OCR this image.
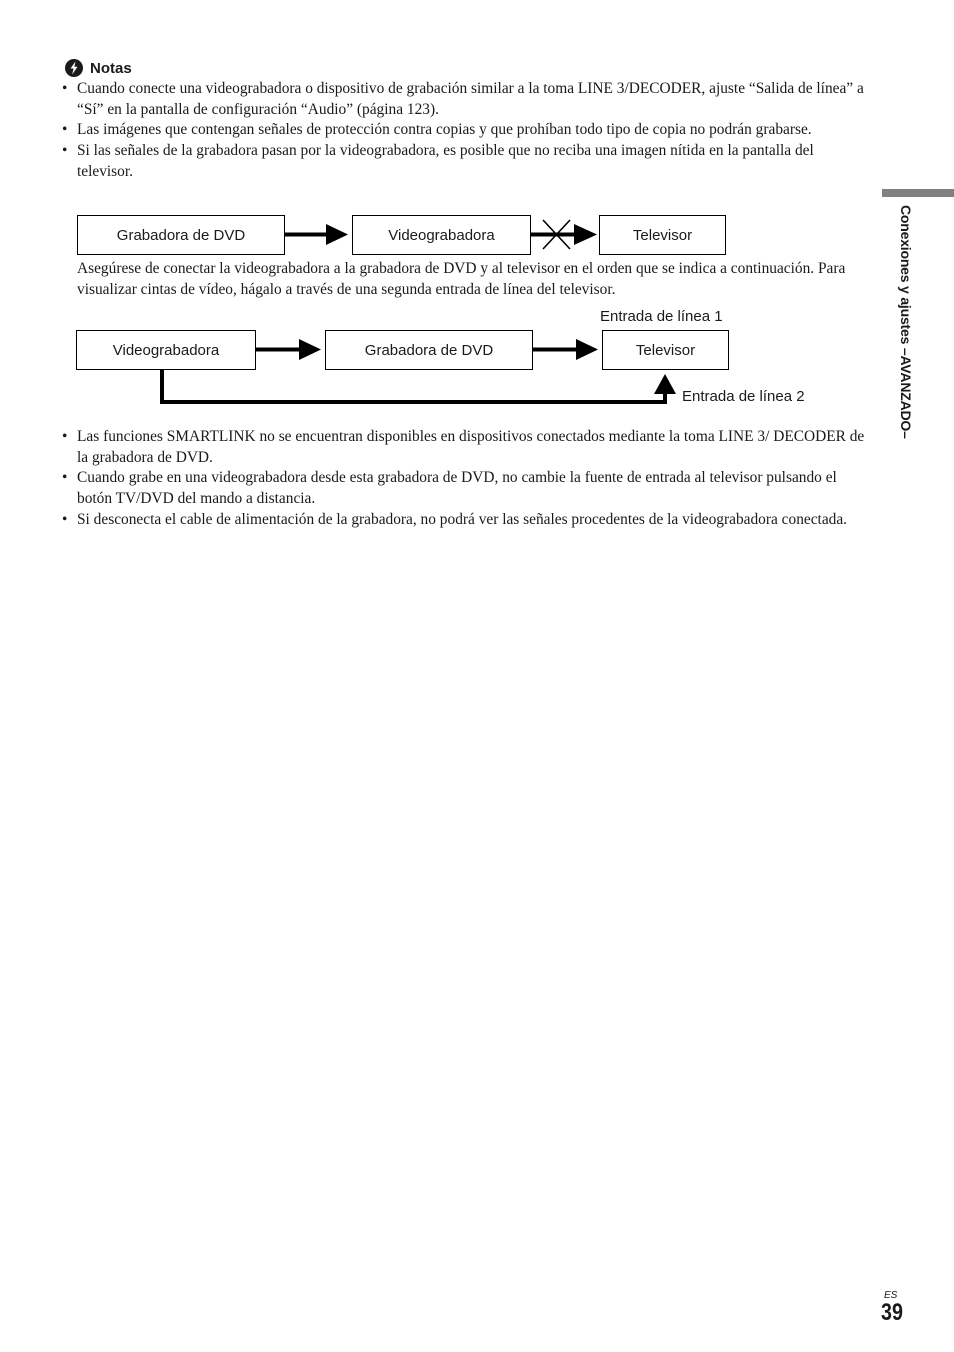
Notas
• Cuando conecte una videograbadora o dispositivo de grabación similar a la toma LINE 3/DECODER, ajuste “Salida de línea” a “Sí” en la pantalla de configuración “Audio” (página 123).
• Las imágenes que contengan señales de protección contra copias y que prohíban todo tipo de copia no podrán grabarse.
• Si las señales de la grabadora pasan por la videograbadora, es posible que no reciba una imagen nítida en la pantalla del televisor.
Grabadora de DVD	Videograbadora	Televisor

Asegúrese de conectar la videograbadora a la grabadora de DVD y al televisor en el orden que se indica a continuación. Para visualizar cintas de vídeo, hágalo a través de una segunda entrada de línea del televisor.

Entrada de línea 1
Videograbadora	Grabadora de DVD	Televisor
Entrada de línea 2
• Las funciones SMARTLINK no se encuentran disponibles en dispositivos conectados mediante la toma LINE 3/ DECODER de la grabadora de DVD.
• Cuando grabe en una videograbadora desde esta grabadora de DVD, no cambie la fuente de entrada al televisor pulsando el botón TV/DVD del mando a distancia.
• Si desconecta el cable de alimentación de la grabadora, no podrá ver las señales procedentes de la videograbadora conectada.
Conexiones y ajustes –AVANZADO–
ES
39
